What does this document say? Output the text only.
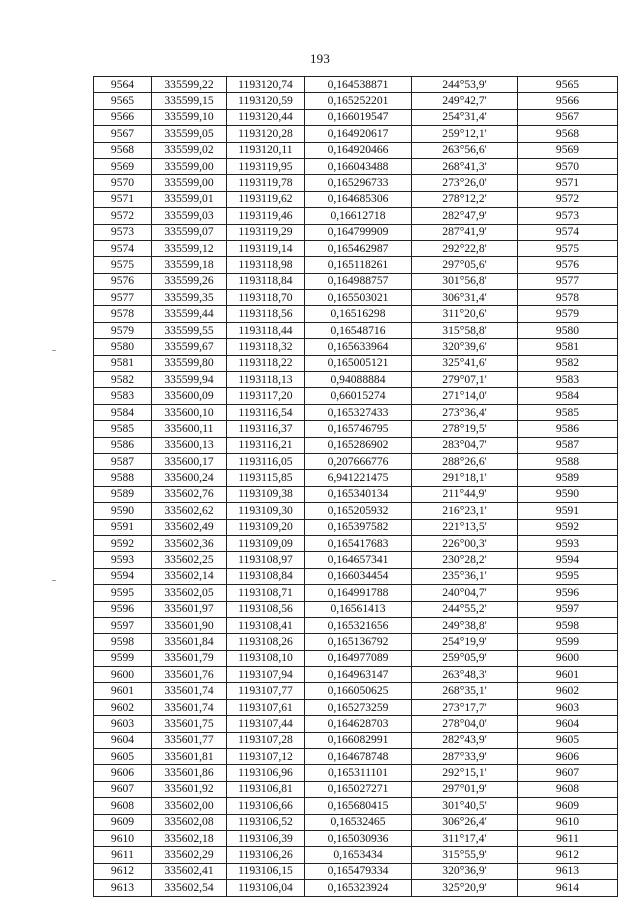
193
9564	335599,22	1193120,74	0,164538871	244°53,9'	9565
9565	335599,15	1193120,59	0,165252201	249°42,7'	9566
9566	335599,10	1193120,44	0,166019547	254°31,4'	9567
9567	335599,05	1193120,28	0,164920617	259°12,1'	9568
9568	335599,02	1193120,11	0,164920466	263°56,6'	9569
9569	335599,00	1193119,95	0,166043488	268°41,3'	9570
9570	335599,00	1193119,78	0,165296733	273°26,0'	9571
9571	335599,01	1193119,62	0,164685306	278°12,2'	9572
9572	335599,03	1193119,46	0,16612718	282°47,9'	9573
9573	335599,07	1193119,29	0,164799909	287°41,9'	9574
9574	335599,12	1193119,14	0,165462987	292°22,8'	9575
9575	335599,18	1193118,98	0,165118261	297°05,6'	9576
9576	335599,26	1193118,84	0,164988757	301°56,8'	9577
9577	335599,35	1193118,70	0,165503021	306°31,4'	9578
9578	335599,44	1193118,56	0,16516298	311°20,6'	9579
9579	335599,55	1193118,44	0,16548716	315°58,8'	9580
9580	335599,67	1193118,32	0,165633964	320°39,6'	9581
9581	335599,80	1193118,22	0,165005121	325°41,6'	9582
9582	335599,94	1193118,13	0,94088884	279°07,1'	9583
9583	335600,09	1193117,20	0,66015274	271°14,0'	9584
9584	335600,10	1193116,54	0,165327433	273°36,4'	9585
9585	335600,11	1193116,37	0,165746795	278°19,5'	9586
9586	335600,13	1193116,21	0,165286902	283°04,7'	9587
9587	335600,17	1193116,05	0,207666776	288°26,6'	9588
9588	335600,24	1193115,85	6,941221475	291°18,1'	9589
9589	335602,76	1193109,38	0,165340134	211°44,9'	9590
9590	335602,62	1193109,30	0,165205932	216°23,1'	9591
9591	335602,49	1193109,20	0,165397582	221°13,5'	9592
9592	335602,36	1193109,09	0,165417683	226°00,3'	9593
9593	335602,25	1193108,97	0,164657341	230°28,2'	9594
9594	335602,14	1193108,84	0,166034454	235°36,1'	9595
9595	335602,05	1193108,71	0,164991788	240°04,7'	9596
9596	335601,97	1193108,56	0,16561413	244°55,2'	9597
9597	335601,90	1193108,41	0,165321656	249°38,8'	9598
9598	335601,84	1193108,26	0,165136792	254°19,9'	9599
9599	335601,79	1193108,10	0,164977089	259°05,9'	9600
9600	335601,76	1193107,94	0,164963147	263°48,3'	9601
9601	335601,74	1193107,77	0,166050625	268°35,1'	9602
9602	335601,74	1193107,61	0,165273259	273°17,7'	9603
9603	335601,75	1193107,44	0,164628703	278°04,0'	9604
9604	335601,77	1193107,28	0,166082991	282°43,9'	9605
9605	335601,81	1193107,12	0,164678748	287°33,9'	9606
9606	335601,86	1193106,96	0,165311101	292°15,1'	9607
9607	335601,92	1193106,81	0,165027271	297°01,9'	9608
9608	335602,00	1193106,66	0,165680415	301°40,5'	9609
9609	335602,08	1193106,52	0,16532465	306°26,4'	9610
9610	335602,18	1193106,39	0,165030936	311°17,4'	9611
9611	335602,29	1193106,26	0,1653434	315°55,9'	9612
9612	335602,41	1193106,15	0,165479334	320°36,9'	9613
9613	335602,54	1193106,04	0,165323924	325°20,9'	9614
